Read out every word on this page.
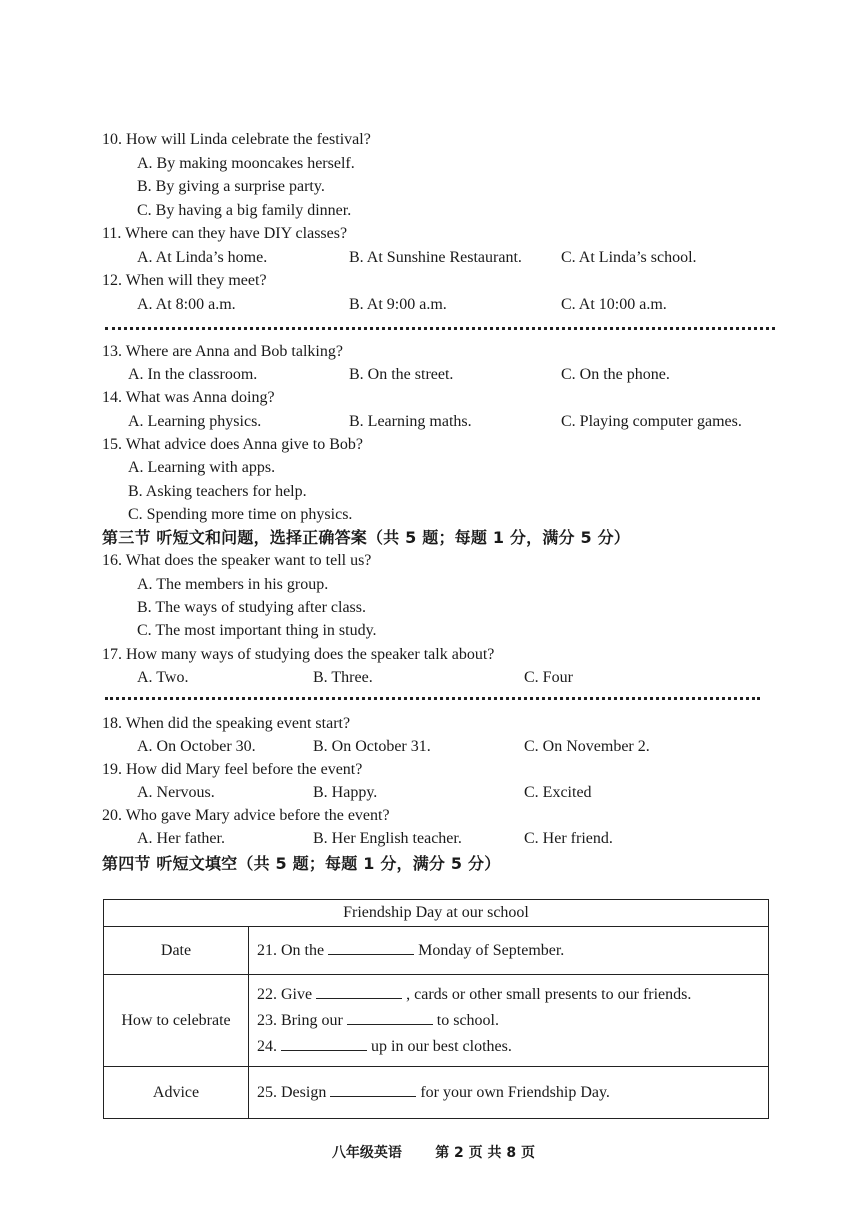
10. How will Linda celebrate the festival?
A. By making mooncakes herself.
B. By giving a surprise party.
C. By having a big family dinner.
11. Where can they have DIY classes?
A. At Linda’s home.	B. At Sunshine Restaurant. C. At Linda’s school.
12. When will they meet?
A. At 8:00 a.m.	B. At 9:00 a.m.	C. At 10:00 a.m.
13. Where are Anna and Bob talking?
A. In the classroom.	B. On the street.	C. On the phone.
14. What was Anna doing?
A. Learning physics.	B. Learning maths.	C. Playing computer games.
15. What advice does Anna give to Bob?
A. Learning with apps.
B. Asking teachers for help.
C. Spending more time on physics.
第三节 听短文和问题，选择正确答案（共 5 题；每题 1 分，满分 5 分）
16. What does the speaker want to tell us?
A. The members in his group.
B. The ways of studying after class.
C. The most important thing in study.
17. How many ways of studying does the speaker talk about?
A. Two.	B. Three.	C. Four
18. When did the speaking event start?
A. On October 30.	B. On October 31.	C. On November 2.
19. How did Mary feel before the event?
A. Nervous.	B. Happy.	C. Excited
20. Who gave Mary advice before the event?
A. Her father.	B. Her English teacher.	C. Her friend.
第四节 听短文填空（共 5 题；每题 1 分，满分 5 分）
Friendship Day at our school	
Date	21. On the Monday of September.

How to celebrate	22. Give , cards or other small presents to our friends.
23. Bring our to school.
24. up in our best clothes.

Advice	25. Design for your own Friendship Day.
八年级英语 第 2 页 共 8 页
